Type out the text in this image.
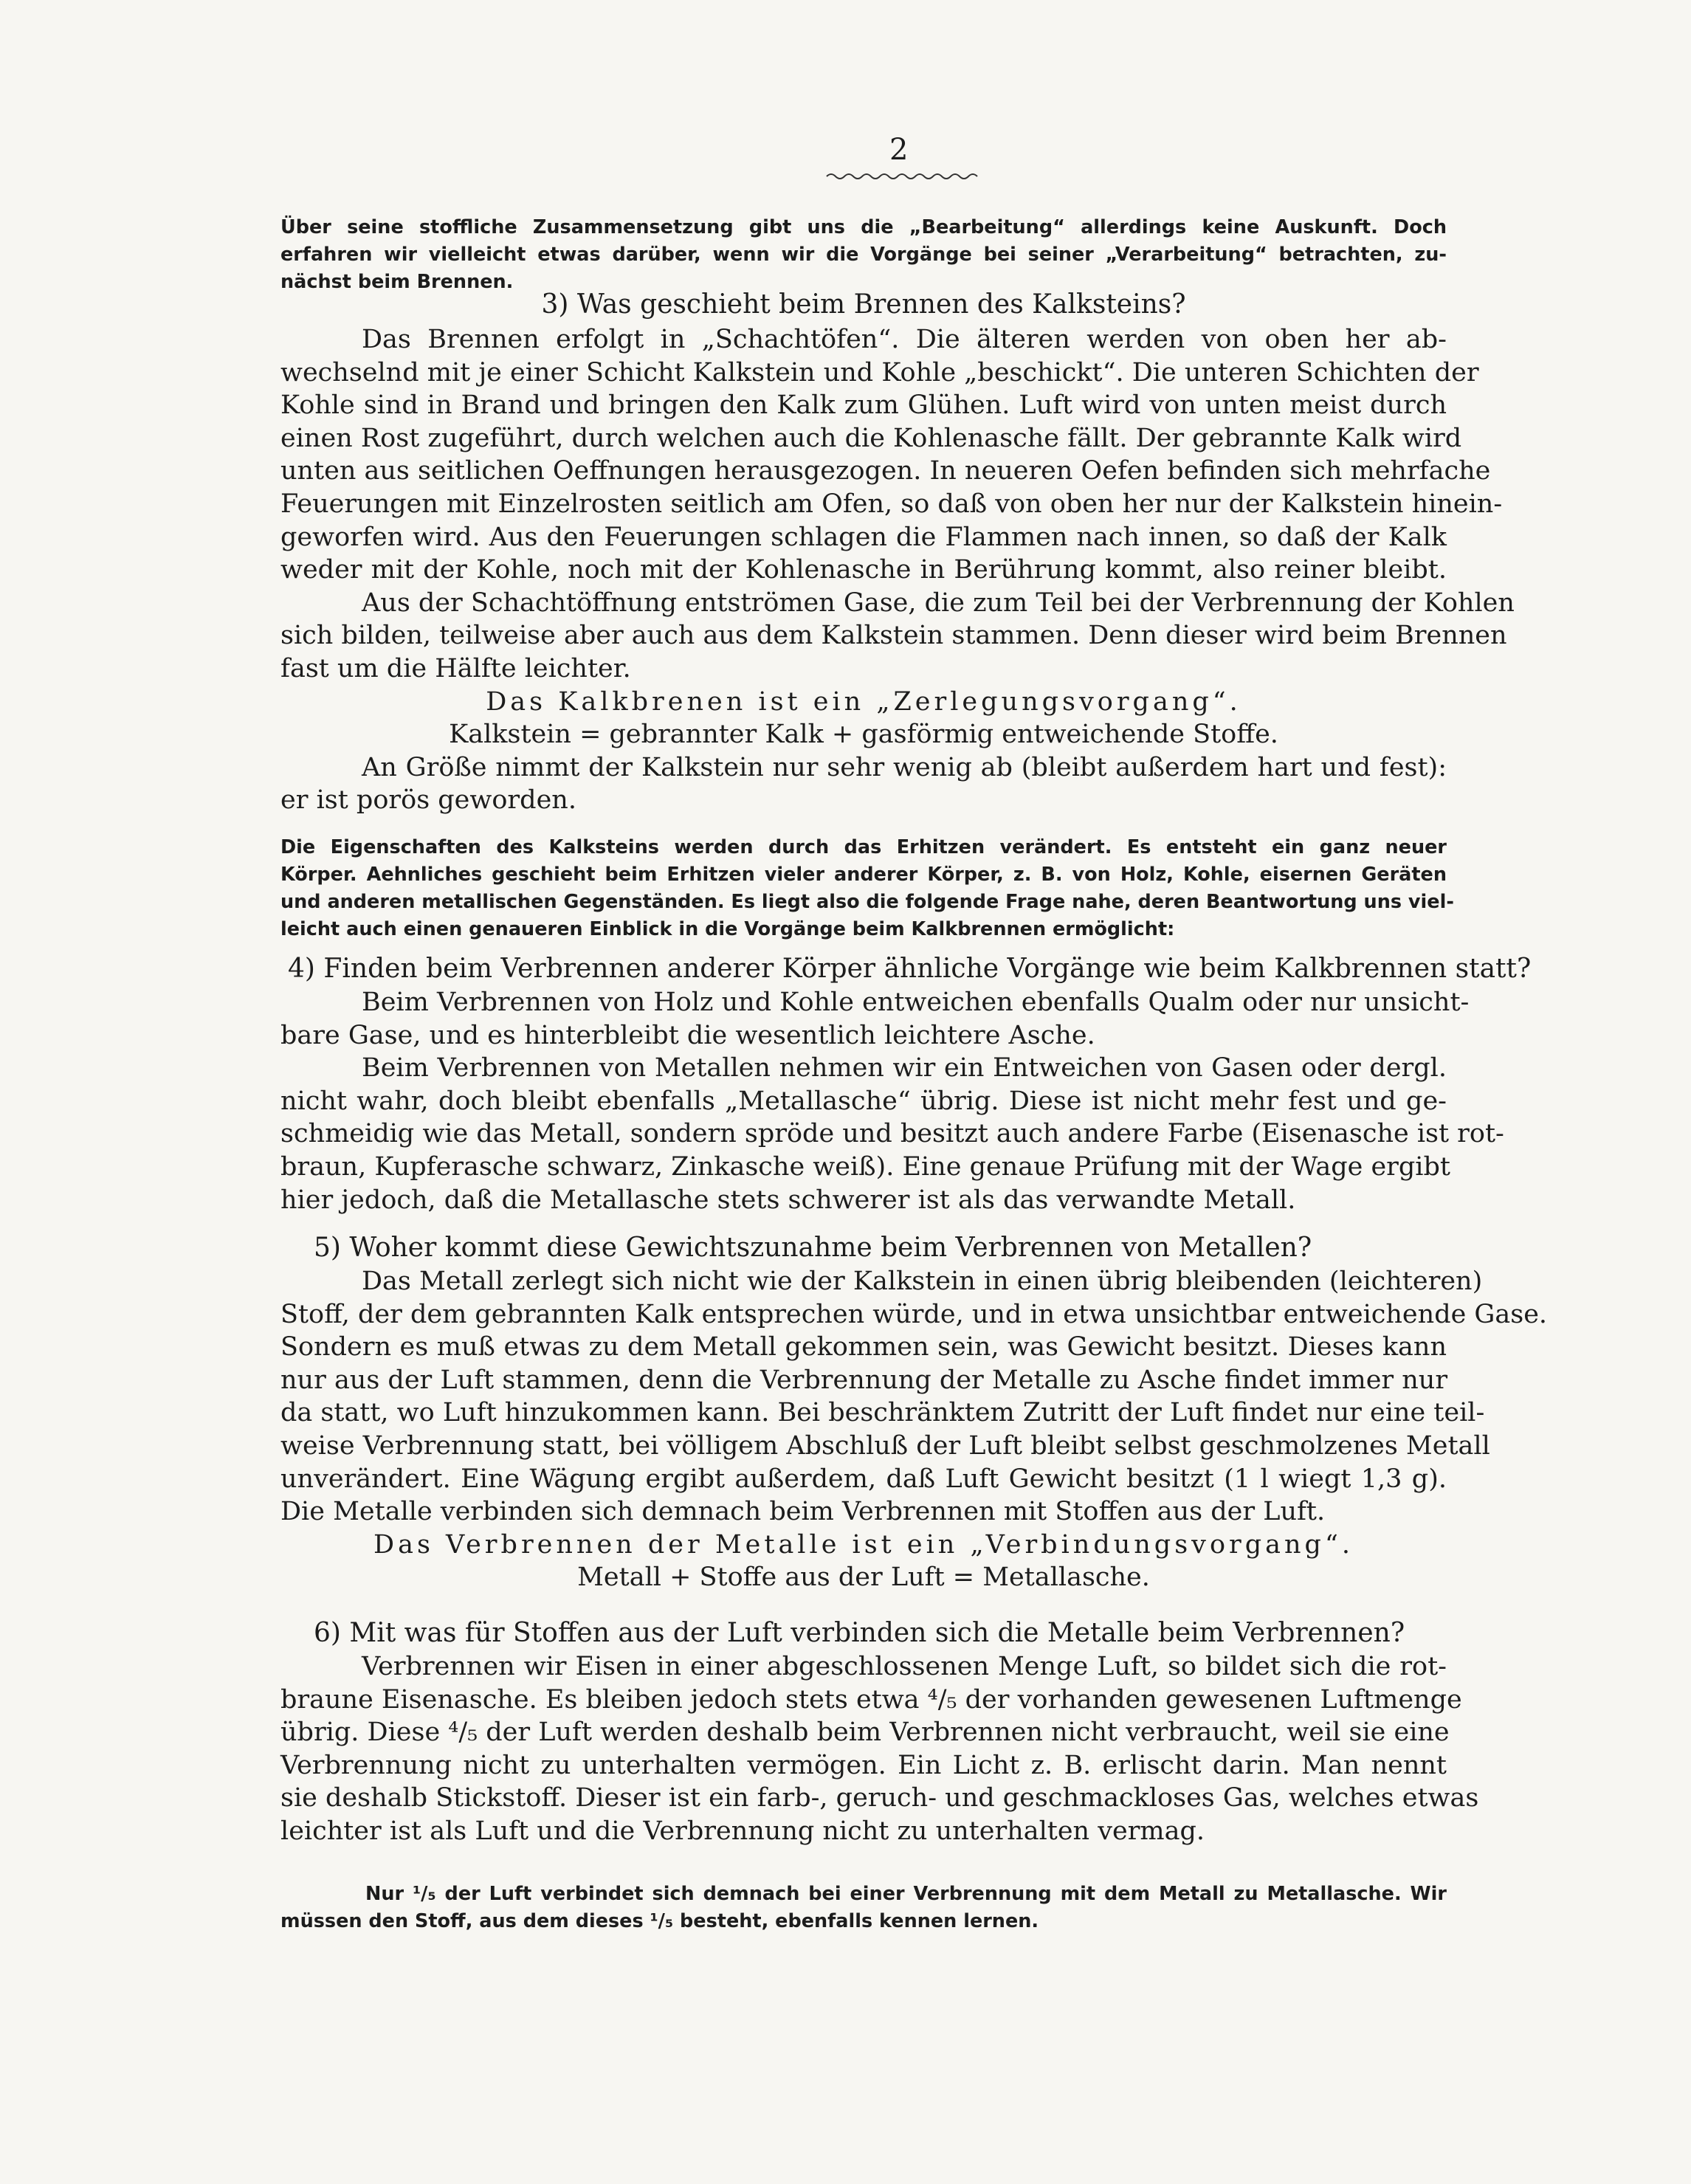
2
Über seine stoffliche Zusammensetzung gibt uns die „Bearbeitung“ allerdings keine Auskunft. Doch
erfahren wir vielleicht etwas darüber, wenn wir die Vorgänge bei seiner „Verarbeitung“ betrachten, zu-
nächst beim Brennen.
3) Was geschieht beim Brennen des Kalksteins?
Das Brennen erfolgt in „Schachtöfen“. Die älteren werden von oben her ab-
wechselnd mit je einer Schicht Kalkstein und Kohle „beschickt“. Die unteren Schichten der
Kohle sind in Brand und bringen den Kalk zum Glühen. Luft wird von unten meist durch
einen Rost zugeführt, durch welchen auch die Kohlenasche fällt. Der gebrannte Kalk wird
unten aus seitlichen Oeffnungen herausgezogen. In neueren Oefen befinden sich mehrfache
Feuerungen mit Einzelrosten seitlich am Ofen, so daß von oben her nur der Kalkstein hinein-
geworfen wird. Aus den Feuerungen schlagen die Flammen nach innen, so daß der Kalk
weder mit der Kohle, noch mit der Kohlenasche in Berührung kommt, also reiner bleibt.
Aus der Schachtöffnung entströmen Gase, die zum Teil bei der Verbrennung der Kohlen
sich bilden, teilweise aber auch aus dem Kalkstein stammen. Denn dieser wird beim Brennen
fast um die Hälfte leichter.
Das Kalkbrenen ist ein „Zerlegungsvorgang“.
Kalkstein = gebrannter Kalk + gasförmig entweichende Stoffe.
An Größe nimmt der Kalkstein nur sehr wenig ab (bleibt außerdem hart und fest):
er ist porös geworden.
Die Eigenschaften des Kalksteins werden durch das Erhitzen verändert. Es entsteht ein ganz neuer
Körper. Aehnliches geschieht beim Erhitzen vieler anderer Körper, z. B. von Holz, Kohle, eisernen Geräten
und anderen metallischen Gegenständen. Es liegt also die folgende Frage nahe, deren Beantwortung uns viel-
leicht auch einen genaueren Einblick in die Vorgänge beim Kalkbrennen ermöglicht:
4) Finden beim Verbrennen anderer Körper ähnliche Vorgänge wie beim Kalkbrennen statt?
Beim Verbrennen von Holz und Kohle entweichen ebenfalls Qualm oder nur unsicht-
bare Gase, und es hinterbleibt die wesentlich leichtere Asche.
Beim Verbrennen von Metallen nehmen wir ein Entweichen von Gasen oder dergl.
nicht wahr, doch bleibt ebenfalls „Metallasche“ übrig. Diese ist nicht mehr fest und ge-
schmeidig wie das Metall, sondern spröde und besitzt auch andere Farbe (Eisenasche ist rot-
braun, Kupferasche schwarz, Zinkasche weiß). Eine genaue Prüfung mit der Wage ergibt
hier jedoch, daß die Metallasche stets schwerer ist als das verwandte Metall.
5) Woher kommt diese Gewichtszunahme beim Verbrennen von Metallen?
Das Metall zerlegt sich nicht wie der Kalkstein in einen übrig bleibenden (leichteren)
Stoff, der dem gebrannten Kalk entsprechen würde, und in etwa unsichtbar entweichende Gase.
Sondern es muß etwas zu dem Metall gekommen sein, was Gewicht besitzt. Dieses kann
nur aus der Luft stammen, denn die Verbrennung der Metalle zu Asche findet immer nur
da statt, wo Luft hinzukommen kann. Bei beschränktem Zutritt der Luft findet nur eine teil-
weise Verbrennung statt, bei völligem Abschluß der Luft bleibt selbst geschmolzenes Metall
unverändert. Eine Wägung ergibt außerdem, daß Luft Gewicht besitzt (1 l wiegt 1,3 g).
Die Metalle verbinden sich demnach beim Verbrennen mit Stoffen aus der Luft.
Das Verbrennen der Metalle ist ein „Verbindungsvorgang“.
Metall + Stoffe aus der Luft = Metallasche.
6) Mit was für Stoffen aus der Luft verbinden sich die Metalle beim Verbrennen?
Verbrennen wir Eisen in einer abgeschlossenen Menge Luft, so bildet sich die rot-
braune Eisenasche. Es bleiben jedoch stets etwa ⁴/₅ der vorhanden gewesenen Luftmenge
übrig. Diese ⁴/₅ der Luft werden deshalb beim Verbrennen nicht verbraucht, weil sie eine
Verbrennung nicht zu unterhalten vermögen. Ein Licht z. B. erlischt darin. Man nennt
sie deshalb Stickstoff. Dieser ist ein farb-, geruch- und geschmackloses Gas, welches etwas
leichter ist als Luft und die Verbrennung nicht zu unterhalten vermag.
Nur ¹/₅ der Luft verbindet sich demnach bei einer Verbrennung mit dem Metall zu Metallasche. Wir
müssen den Stoff, aus dem dieses ¹/₅ besteht, ebenfalls kennen lernen.
